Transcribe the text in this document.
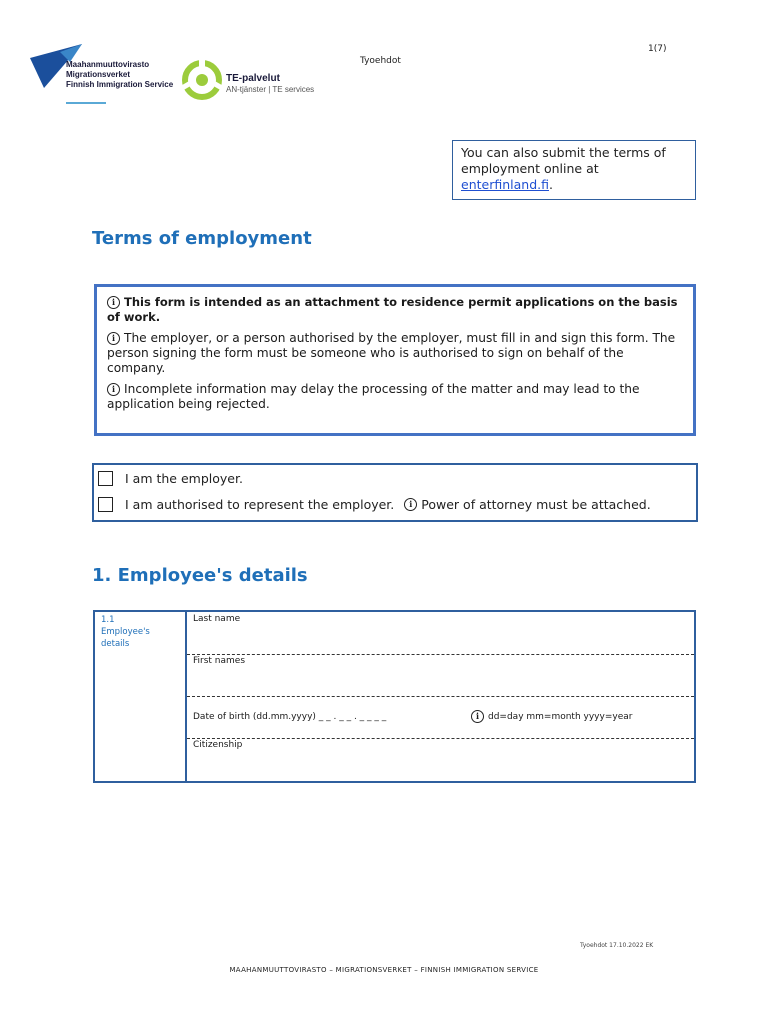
Maahanmuuttovirasto
Migrationsverket
Finnish Immigration Service
TE-palvelut
AN-tjänster | TE services
Tyoehdot
1(7)
You can also submit the terms of employment online at enterfinland.fi.
Terms of employment

i This form is intended as an attachment to residence permit applications on the basis of work.

i The employer, or a person authorised by the employer, must fill in and sign this form. The person signing the form must be someone who is authorised to sign on behalf of the company.

i Incomplete information may delay the processing of the matter and may lead to the application being rejected.

I am the employer.
I am authorised to represent the employer.	i Power of attorney must be attached.
1. Employee's details
1.1
Employee's
details
Last name
First names
Date of birth (dd.mm.yyyy) _ _ . _ _ . _ _ _ _	i dd=day mm=month yyyy=year
Citizenship
Tyoehdot 17.10.2022 EK
MAAHANMUUTTOVIRASTO – MIGRATIONSVERKET – FINNISH IMMIGRATION SERVICE
